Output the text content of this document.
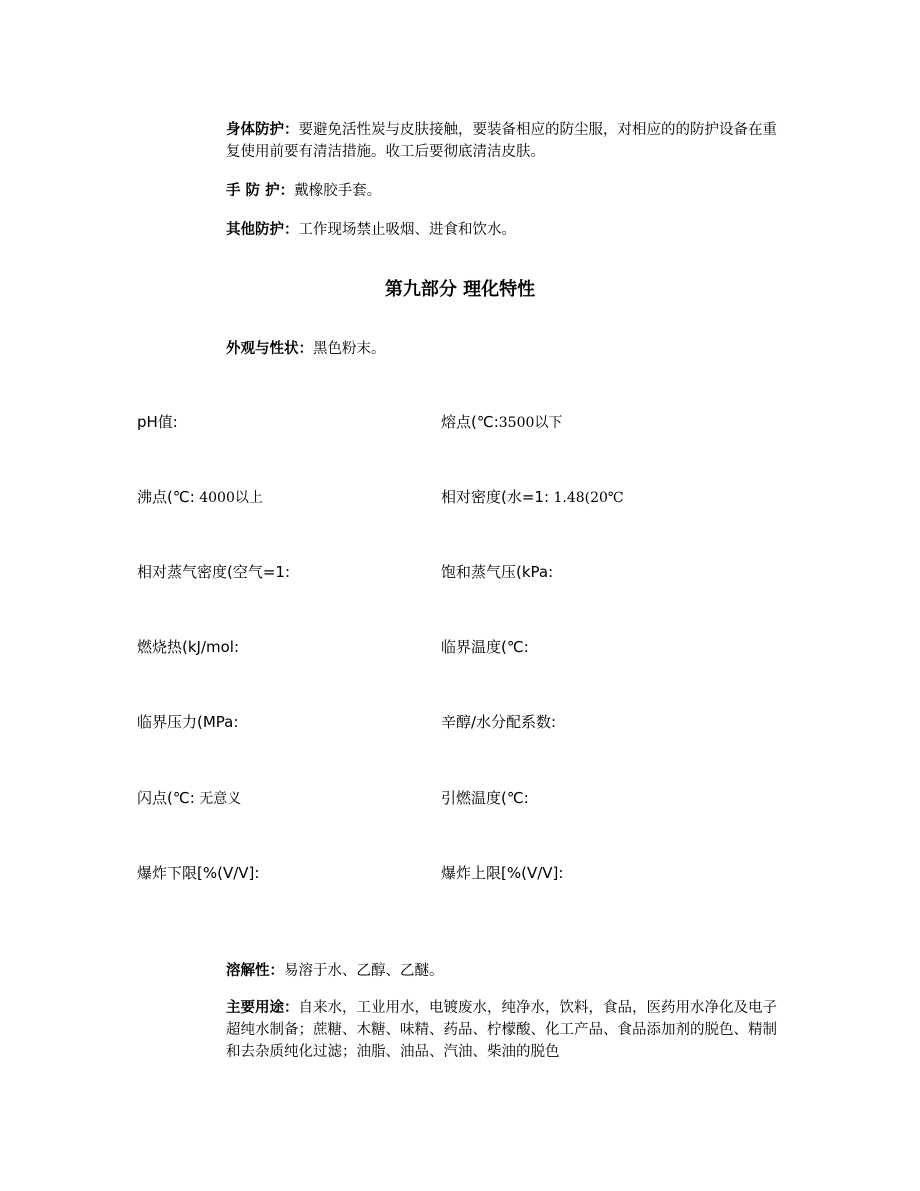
身体防护：要避免活性炭与皮肤接触，要装备相应的防尘服，对相应的的防护设备在重复使用前要有清洁措施。收工后要彻底清洁皮肤。

手 防 护：戴橡胶手套。

其他防护：工作现场禁止吸烟、进食和饮水。

第九部分 理化特性

外观与性状：黑色粉末。

pH值:	熔点(℃:3500以下
沸点(℃: 4000以上	相对密度(水=1: 1.48(20℃
相对蒸气密度(空气=1:	饱和蒸气压(kPa:
燃烧热(kJ/mol:	临界温度(℃:
临界压力(MPa:	辛醇/水分配系数:
闪点(℃: 无意义	引燃温度(℃:
爆炸下限[%(V/V]:	爆炸上限[%(V/V]:

溶解性：易溶于水、乙醇、乙醚。

主要用途：自来水，工业用水，电镀废水，纯净水，饮料，食品，医药用水净化及电子超纯水制备；蔗糖、木糖、味精、药品、柠檬酸、化工产品、食品添加剂的脱色、精制和去杂质纯化过滤；油脂、油品、汽油、柴油的脱色
